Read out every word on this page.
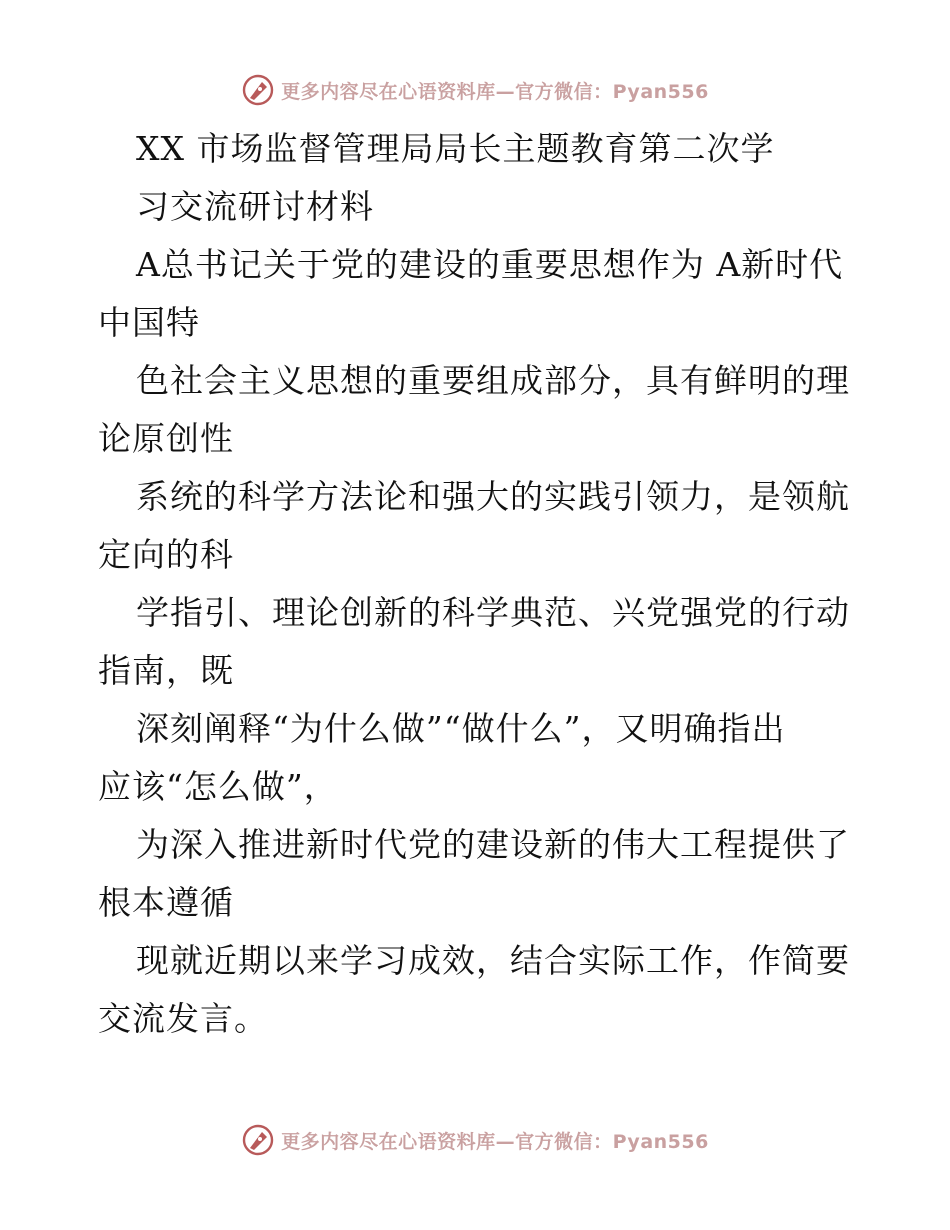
更多内容尽在心语资料库—官方微信：Pyan556
XX 市场监督管理局局长主题教育第二次学
习交流研讨材料
A总书记关于党的建设的重要思想作为 A新时代
中国特
色社会主义思想的重要组成部分，具有鲜明的理
论原创性
系统的科学方法论和强大的实践引领力，是领航
定向的科
学指引、理论创新的科学典范、兴党强党的行动
指南，既
深刻阐释“为什么做”“做什么”，又明确指出
应该“怎么做”，
为深入推进新时代党的建设新的伟大工程提供了
根本遵循
现就近期以来学习成效，结合实际工作，作简要
交流发言。
更多内容尽在心语资料库—官方微信：Pyan556
